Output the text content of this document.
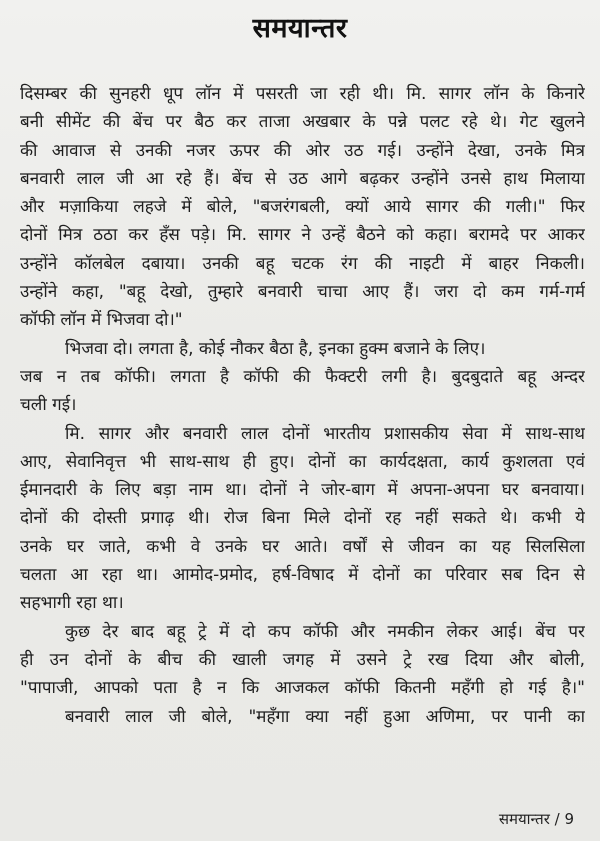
समयान्तर
दिसम्बर की सुनहरी धूप लॉन में पसरती जा रही थी। मि. सागर लॉन के किनारे
बनी सीमेंट की बेंच पर बैठ कर ताजा अखबार के पन्ने पलट रहे थे। गेट खुलने
की आवाज से उनकी नजर ऊपर की ओर उठ गई। उन्होंने देखा, उनके मित्र
बनवारी लाल जी आ रहे हैं। बेंच से उठ आगे बढ़कर उन्होंने उनसे हाथ मिलाया
और मज़ाकिया लहजे में बोले, "बजरंगबली, क्यों आये सागर की गली।" फिर
दोनों मित्र ठठा कर हँस पड़े। मि. सागर ने उन्हें बैठने को कहा। बरामदे पर आकर
उन्होंने कॉलबेल दबाया। उनकी बहू चटक रंग की नाइटी में बाहर निकली।
उन्होंने कहा, "बहू देखो, तुम्हारे बनवारी चाचा आए हैं। जरा दो कम गर्म-गर्म
कॉफी लॉन में भिजवा दो।"
भिजवा दो। लगता है, कोई नौकर बैठा है, इनका हुक्म बजाने के लिए।
जब न तब कॉफी। लगता है कॉफी की फैक्टरी लगी है। बुदबुदाते बहू अन्दर
चली गई।
मि. सागर और बनवारी लाल दोनों भारतीय प्रशासकीय सेवा में साथ-साथ
आए, सेवानिवृत्त भी साथ-साथ ही हुए। दोनों का कार्यदक्षता, कार्य कुशलता एवं
ईमानदारी के लिए बड़ा नाम था। दोनों ने जोर-बाग में अपना-अपना घर बनवाया।
दोनों की दोस्ती प्रगाढ़ थी। रोज बिना मिले दोनों रह नहीं सकते थे। कभी ये
उनके घर जाते, कभी वे उनके घर आते। वर्षों से जीवन का यह सिलसिला
चलता आ रहा था। आमोद-प्रमोद, हर्ष-विषाद में दोनों का परिवार सब दिन से
सहभागी रहा था।
कुछ देर बाद बहू ट्रे में दो कप कॉफी और नमकीन लेकर आई। बेंच पर
ही उन दोनों के बीच की खाली जगह में उसने ट्रे रख दिया और बोली,
"पापाजी, आपको पता है न कि आजकल कॉफी कितनी महँगी हो गई है।"
बनवारी लाल जी बोले, "महँगा क्या नहीं हुआ अणिमा, पर पानी का
समयान्तर / 9
